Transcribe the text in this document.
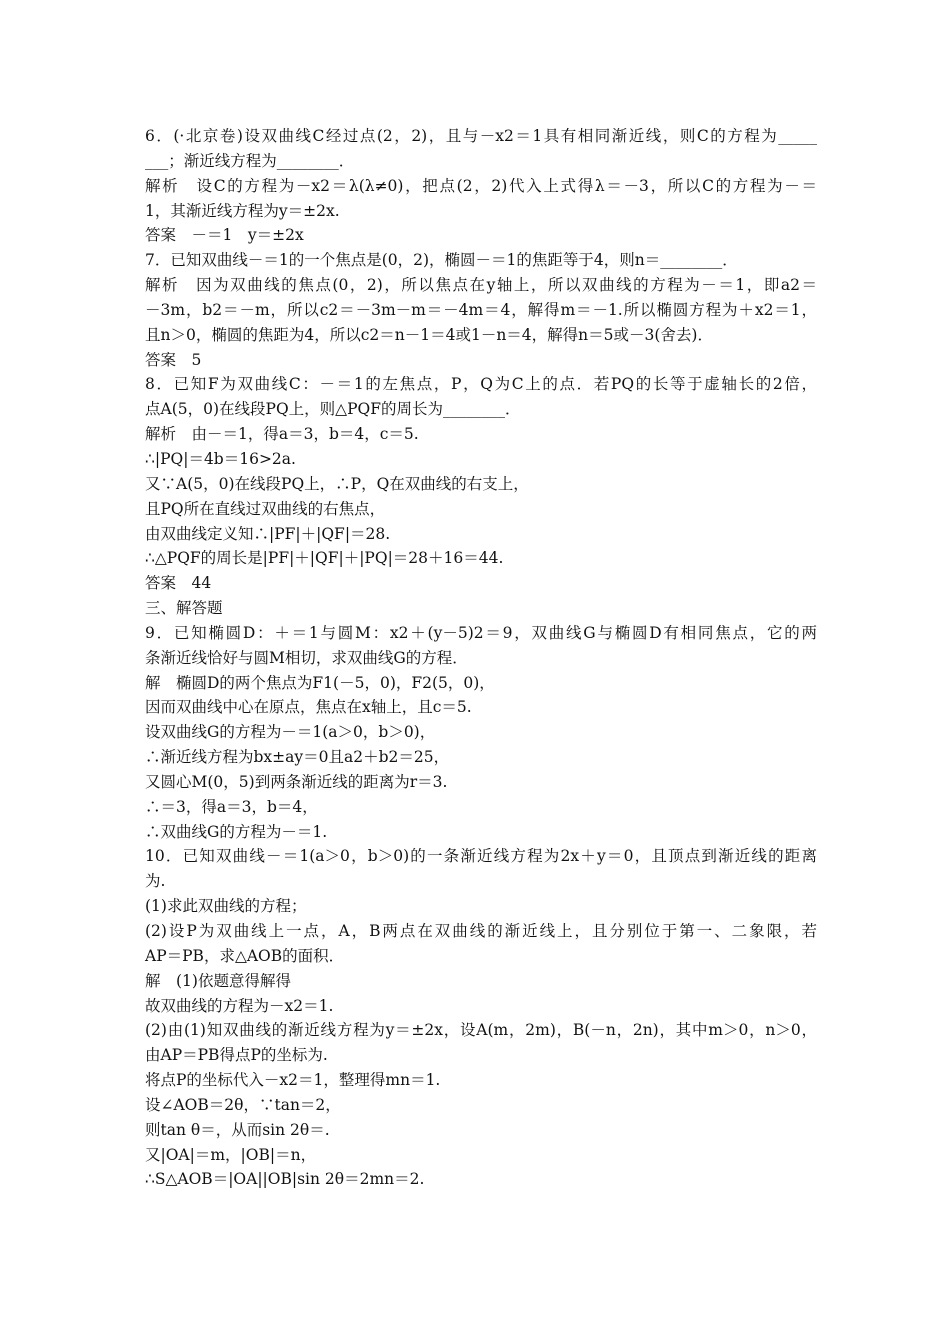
6．(·北京卷)设双曲线C经过点(2，2)，且与－x2＝1具有相同渐近线，则C的方程为_____
___；渐近线方程为________．
解析　设C的方程为－x2＝λ(λ≠0)，把点(2，2)代入上式得λ＝－3，所以C的方程为－＝
1，其渐近线方程为y＝±2x.
答案　－＝1　y＝±2x
7．已知双曲线－＝1的一个焦点是(0，2)，椭圆－＝1的焦距等于4，则n＝________．
解析　因为双曲线的焦点(0，2)，所以焦点在y轴上，所以双曲线的方程为－＝1，即a2＝
－3m，b2＝－m，所以c2＝－3m－m＝－4m＝4，解得m＝－1.所以椭圆方程为＋x2＝1，
且n＞0，椭圆的焦距为4，所以c2＝n－1＝4或1－n＝4，解得n＝5或－3(舍去)．
答案　5
8．已知F为双曲线C：－＝1的左焦点，P，Q为C上的点．若PQ的长等于虚轴长的2倍，
点A(5，0)在线段PQ上，则△PQF的周长为________．
解析　由－＝1，得a＝3，b＝4，c＝5.
∴|PQ|＝4b＝16>2a.
又∵A(5，0)在线段PQ上，∴P，Q在双曲线的右支上，
且PQ所在直线过双曲线的右焦点，
由双曲线定义知∴|PF|＋|QF|＝28.
∴△PQF的周长是|PF|＋|QF|＋|PQ|＝28＋16＝44.
答案　44
三、解答题
9．已知椭圆D：＋＝1与圆M：x2＋(y－5)2＝9，双曲线G与椭圆D有相同焦点，它的两
条渐近线恰好与圆M相切，求双曲线G的方程．
解　椭圆D的两个焦点为F1(－5，0)，F2(5，0)，
因而双曲线中心在原点，焦点在x轴上，且c＝5.
设双曲线G的方程为－＝1(a＞0，b＞0)，
∴渐近线方程为bx±ay＝0且a2＋b2＝25，
又圆心M(0，5)到两条渐近线的距离为r＝3.
∴＝3，得a＝3，b＝4，
∴双曲线G的方程为－＝1.
10．已知双曲线－＝1(a＞0，b＞0)的一条渐近线方程为2x＋y＝0，且顶点到渐近线的距离
为.
(1)求此双曲线的方程；
(2)设P为双曲线上一点，A，B两点在双曲线的渐近线上，且分别位于第一、二象限，若
AP＝PB，求△AOB的面积．
解　(1)依题意得解得
故双曲线的方程为－x2＝1.
(2)由(1)知双曲线的渐近线方程为y＝±2x，设A(m，2m)，B(－n，2n)，其中m＞0，n＞0，
由AP＝PB得点P的坐标为.
将点P的坐标代入－x2＝1，整理得mn＝1.
设∠AOB＝2θ，∵tan＝2，
则tan θ＝，从而sin 2θ＝.
又|OA|＝m，|OB|＝n，
∴S△AOB＝|OA||OB|sin 2θ＝2mn＝2.
